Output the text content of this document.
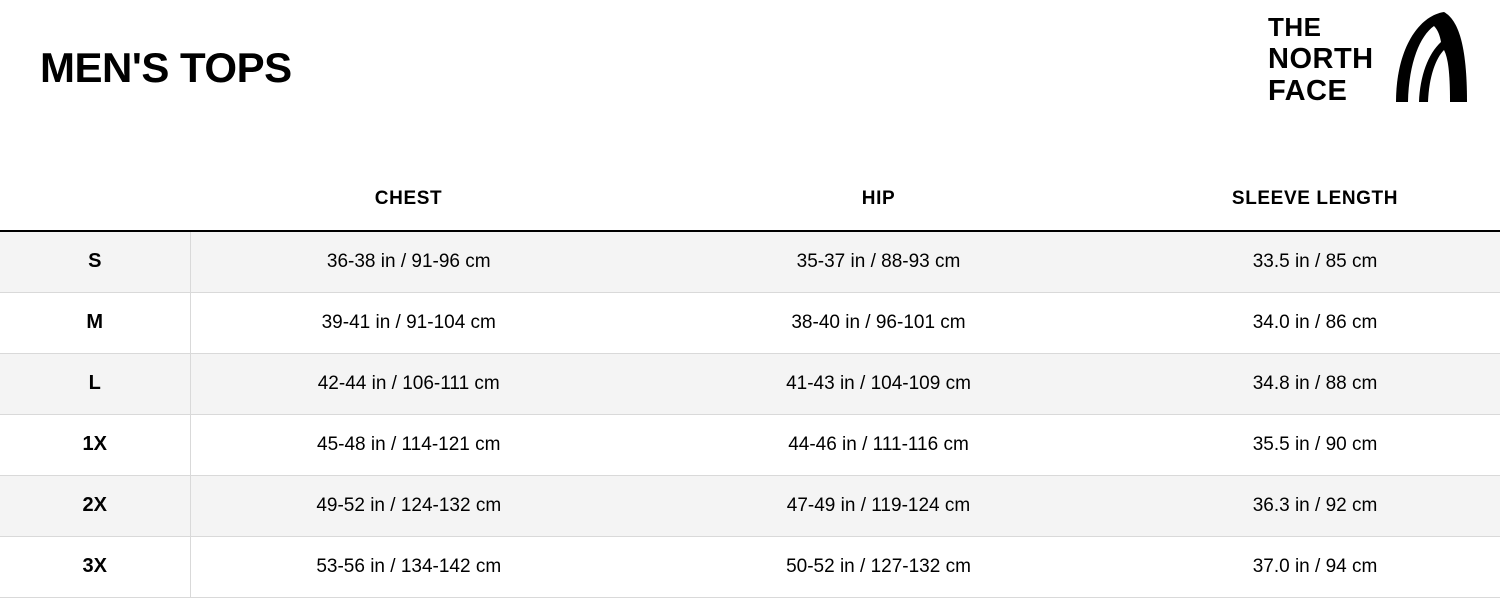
MEN'S TOPS
THE
NORTH
FACE
	CHEST	HIP	SLEEVE LENGTH
S	36-38 in / 91-96 cm	35-37 in / 88-93 cm	33.5 in / 85 cm
M	39-41 in / 91-104 cm	38-40 in / 96-101 cm	34.0 in / 86 cm
L	42-44 in / 106-111 cm	41-43 in / 104-109 cm	34.8 in / 88 cm
1X	45-48 in / 114-121 cm	44-46 in / 111-116 cm	35.5 in / 90 cm
2X	49-52 in / 124-132 cm	47-49 in / 119-124 cm	36.3 in / 92 cm
3X	53-56 in / 134-142 cm	50-52 in / 127-132 cm	37.0 in / 94 cm
